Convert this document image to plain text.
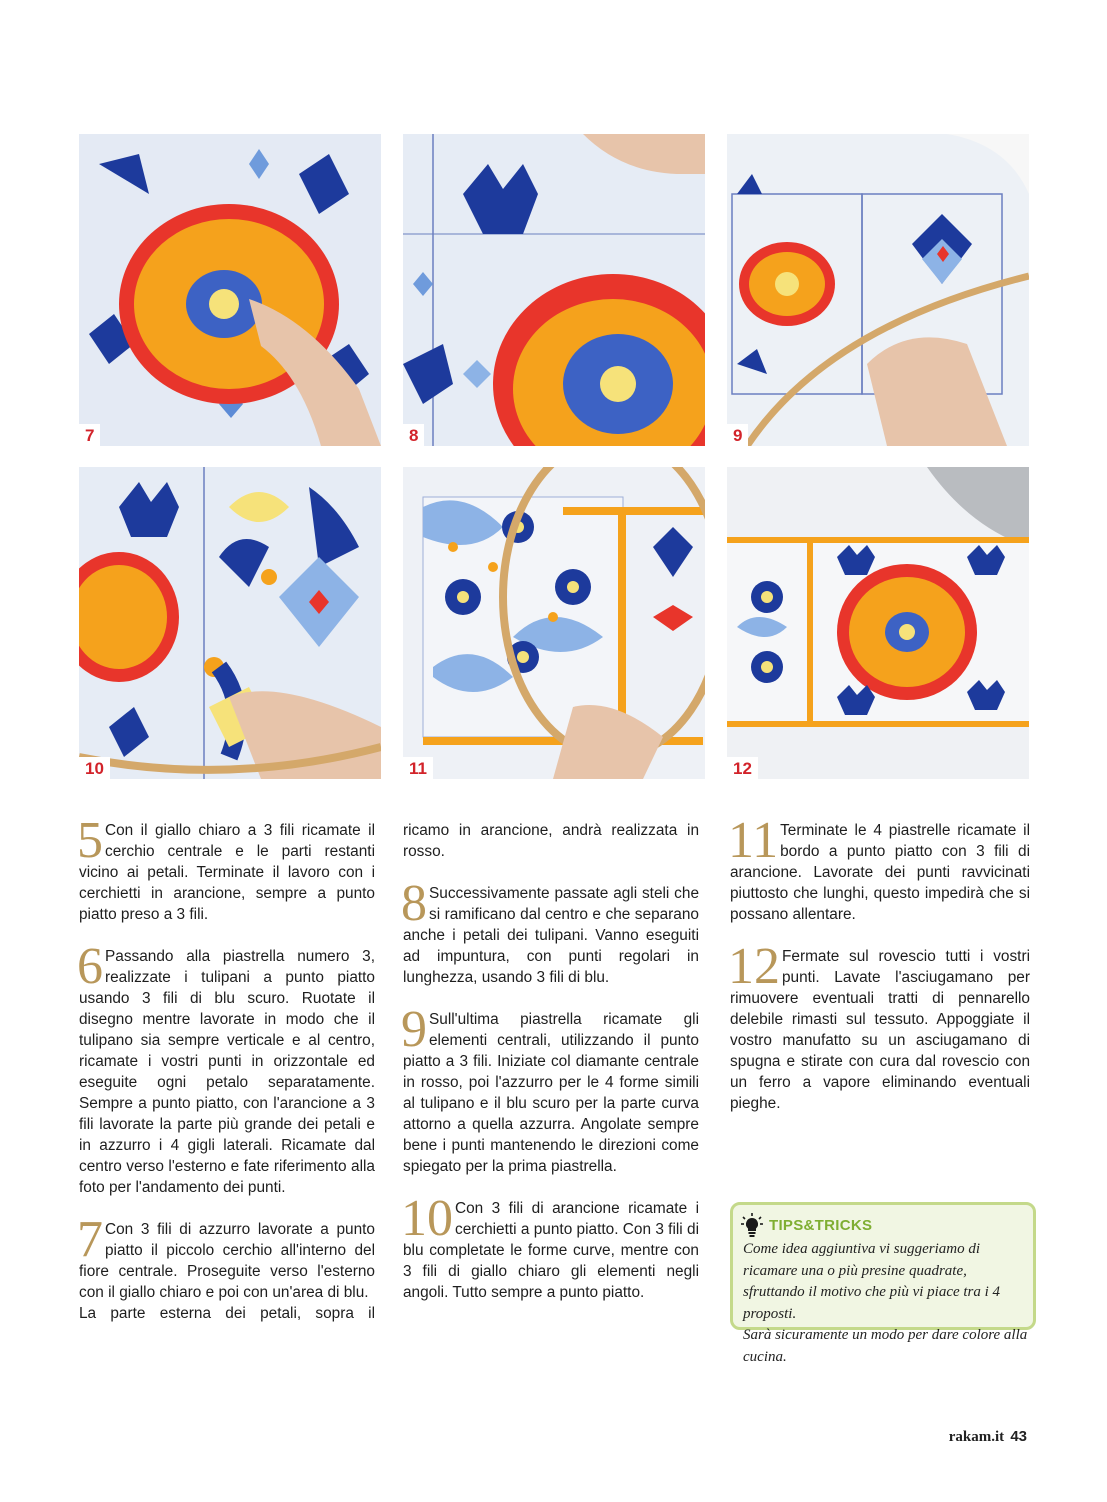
7	8	9
10	11	12

5 Con il giallo chiaro a 3 fili ricamate il cerchio centrale e le parti restanti vicino ai petali. Terminate il lavoro con i cerchietti in arancione, sempre a punto piatto preso a 3 fili.

6 Passando alla piastrella numero 3, realizzate i tulipani a punto piatto usando 3 fili di blu scuro. Ruotate il disegno mentre lavorate in modo che il tulipano sia sempre verticale e al centro, ricamate i vostri punti in orizzontale ed eseguite ogni petalo separatamente. Sempre a punto piatto, con l'arancione a 3 fili lavorate la parte più grande dei petali e in azzurro i 4 gigli laterali. Ricamate dal centro verso l'esterno e fate riferimento alla foto per l'andamento dei punti.

7 Con 3 fili di azzurro lavorate a punto piatto il piccolo cerchio all'interno del fiore centrale. Proseguite verso l'esterno con il giallo chiaro e poi con un'area di blu.

La parte esterna dei petali, sopra il

ricamo in arancione, andrà realizzata in rosso.

8 Successivamente passate agli steli che si ramificano dal centro e che separano anche i petali dei tulipani. Vanno eseguiti ad impuntura, con punti regolari in lunghezza, usando 3 fili di blu.

9 Sull'ultima piastrella ricamate gli elementi centrali, utilizzando il punto piatto a 3 fili. Iniziate col diamante centrale in rosso, poi l'azzurro per le 4 forme simili al tulipano e il blu scuro per la parte curva attorno a quella azzurra. Angolate sempre bene i punti mantenendo le direzioni come spiegato per la prima piastrella.

10 Con 3 fili di arancione ricamate i cerchietti a punto piatto. Con 3 fili di blu completate le forme curve, mentre con 3 fili di giallo chiaro gli elementi negli angoli. Tutto sempre a punto piatto.

11 Terminate le 4 piastrelle ricamate il bordo a punto piatto con 3 fili di arancione. Lavorate dei punti ravvicinati piuttosto che lunghi, questo impedirà che si possano allentare.

12 Fermate sul rovescio tutti i vostri punti. Lavate l'asciugamano per rimuovere eventuali tratti di pennarello delebile rimasti sul tessuto. Appoggiate il vostro manufatto su un asciugamano di spugna e stirate con cura dal rovescio con un ferro a vapore eliminando eventuali pieghe.

TIPS&TRICKS
Come idea aggiuntiva vi suggeriamo di ricamare una o più presine quadrate, sfruttando il motivo che più vi piace tra i 4 proposti.
Sarà sicuramente un modo per dare colore alla cucina.
rakam.it 43
